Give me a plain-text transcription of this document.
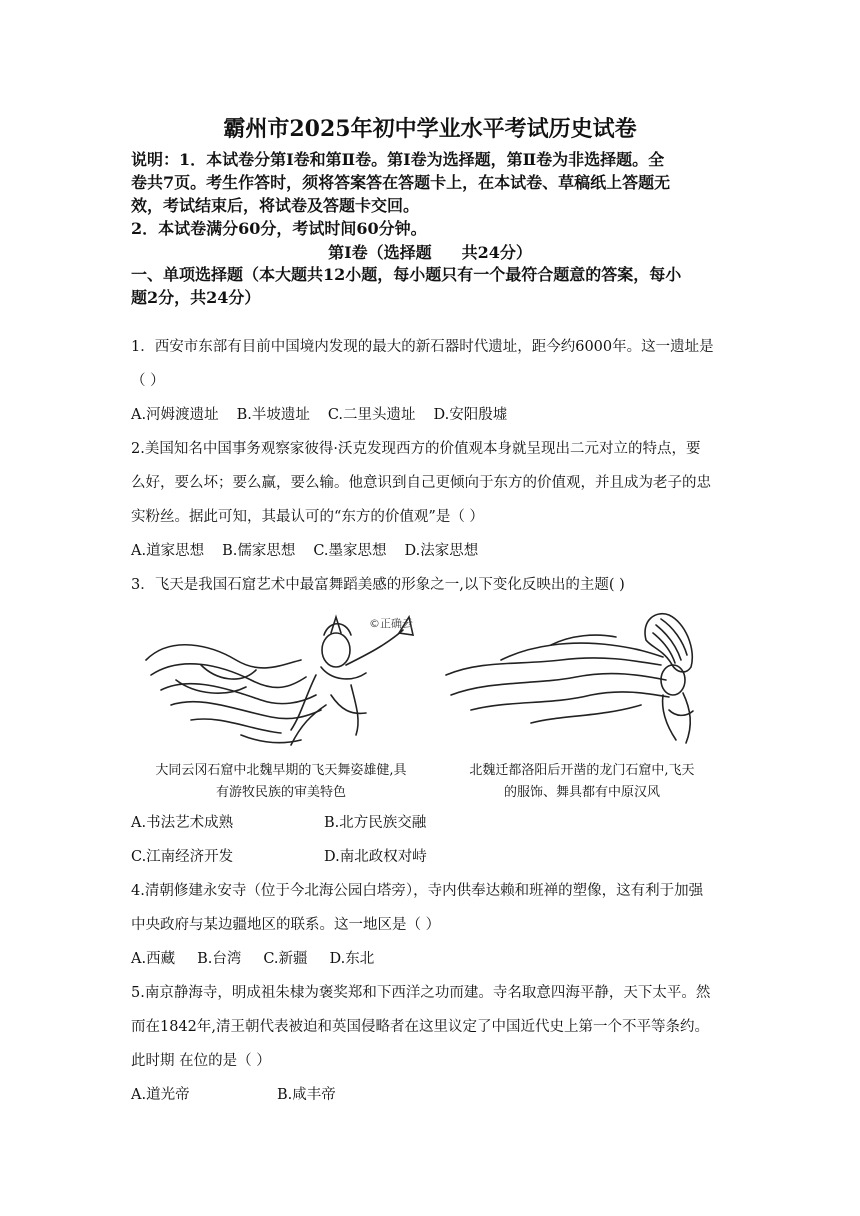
霸州市2025年初中学业水平考试历史试卷
说明：1．本试卷分第Ⅰ卷和第Ⅱ卷。第Ⅰ卷为选择题，第Ⅱ卷为非选择题。全
卷共7页。考生作答时，须将答案答在答题卡上，在本试卷、草稿纸上答题无
效，考试结束后，将试卷及答题卡交回。
2．本试卷满分60分，考试时间60分钟。
第Ⅰ卷（选择题 共24分）
一、单项选择题（本大题共12小题，每小题只有一个最符合题意的答案，每小
题2分，共24分）
1．西安市东部有目前中国境内发现的最大的新石器时代遗址，距今约6000年。这一遗址是
（ ）
A.河姆渡遗址 B.半坡遗址 C.二里头遗址 D.安阳殷墟
2.美国知名中国事务观察家彼得·沃克发现西方的价值观本身就呈现出二元对立的特点，要
么好，要么坏；要么赢，要么输。他意识到自己更倾向于东方的价值观，并且成为老子的忠
实粉丝。据此可知，其最认可的“东方的价值观”是（ ）
A.道家思想 B.儒家思想 C.墨家思想 D.法家思想
3．飞天是我国石窟艺术中最富舞蹈美感的形象之一,以下变化反映出的主题( )
©正确云
大同云冈石窟中北魏早期的飞天舞姿雄健,具
有游牧民族的审美特色
北魏迁都洛阳后开凿的龙门石窟中,飞天
的服饰、舞具都有中原汉风
A.书法艺术成熟	B.北方民族交融
C.江南经济开发	D.南北政权对峙
4.清朝修建永安寺（位于今北海公园白塔旁），寺内供奉达赖和班禅的塑像，这有利于加强
中央政府与某边疆地区的联系。这一地区是（ ）
A.西藏 B.台湾 C.新疆 D.东北
5.南京静海寺，明成祖朱棣为褒奖郑和下西洋之功而建。寺名取意四海平静，天下太平。然
而在1842年,清王朝代表被迫和英国侵略者在这里议定了中国近代史上第一个不平等条约。
此时期 在位的是（ ）
A.道光帝	B.咸丰帝
